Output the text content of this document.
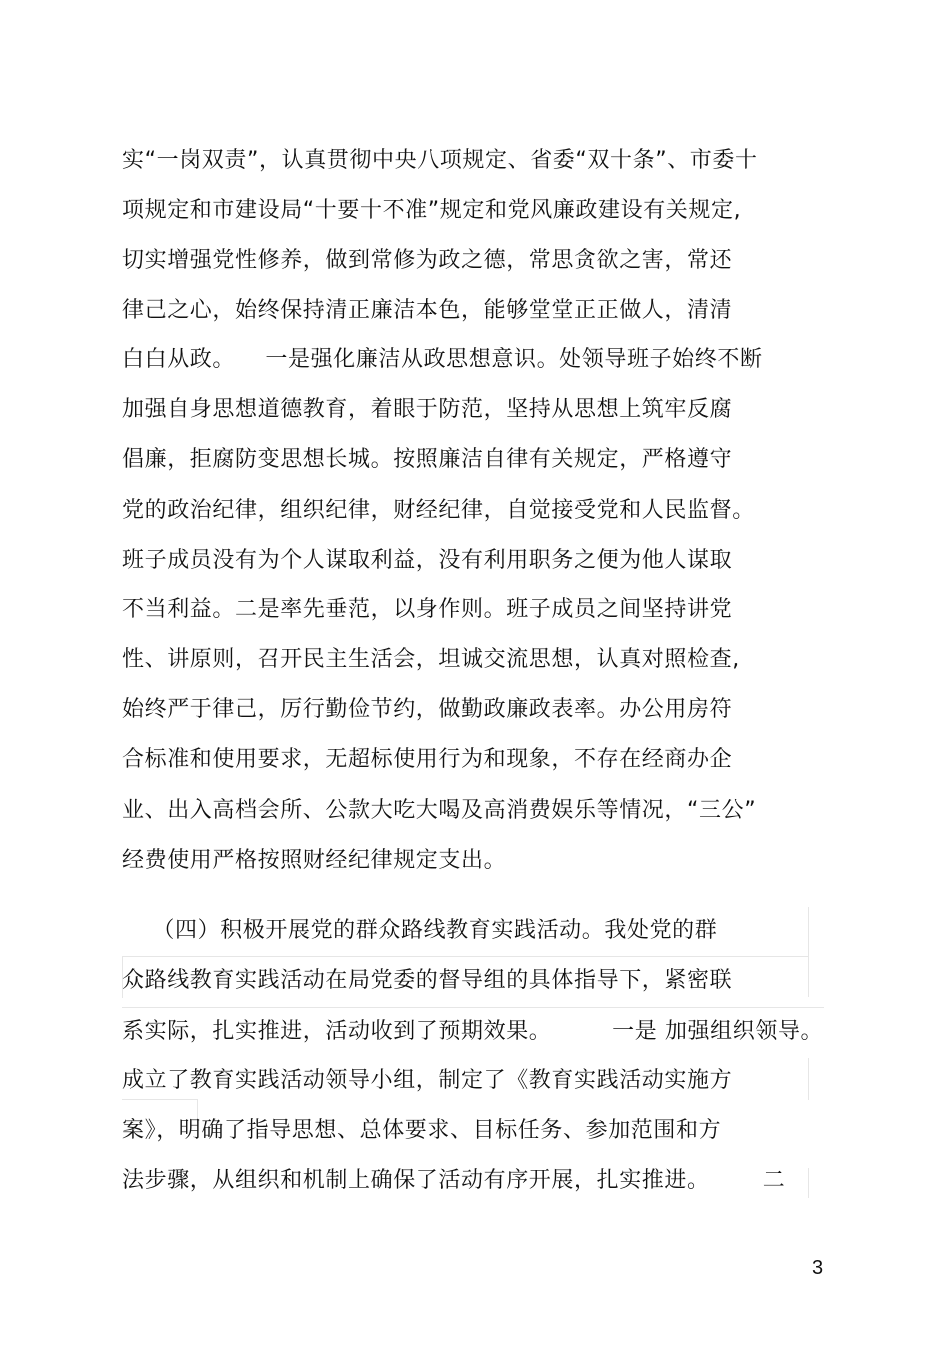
实“一岗双责”，认真贯彻中央八项规定、省委“双十条”、市委十
项规定和市建设局“十要十不准”规定和党风廉政建设有关规定,
切实增强党性修养，做到常修为政之德，常思贪欲之害，常还
律己之心，始终保持清正廉洁本色，能够堂堂正正做人，清清
白白从政。    一是强化廉洁从政思想意识。处领导班子始终不断
加强自身思想道德教育，着眼于防范，坚持从思想上筑牢反腐
倡廉，拒腐防变思想长城。按照廉洁自律有关规定，严格遵守
党的政治纪律，组织纪律，财经纪律，自觉接受党和人民监督。
班子成员没有为个人谋取利益，没有利用职务之便为他人谋取
不当利益。二是率先垂范，以身作则。班子成员之间坚持讲党
性、讲原则，召开民主生活会，坦诚交流思想，认真对照检查,
始终严于律己，厉行勤俭节约，做勤政廉政表率。办公用房符
合标准和使用要求，无超标使用行为和现象，不存在经商办企
业、出入高档会所、公款大吃大喝及高消费娱乐等情况，“三公”
经费使用严格按照财经纪律规定支出。
（四）积极开展党的群众路线教育实践活动。我处党的群
众路线教育实践活动在局党委的督导组的具体指导下，紧密联
系实际，扎实推进，活动收到了预期效果。        一是 加强组织领导。
成立了教育实践活动领导小组，制定了《教育实践活动实施方
案》，明确了指导思想、总体要求、目标任务、参加范围和方
法步骤，从组织和机制上确保了活动有序开展，扎实推进。       二
3
